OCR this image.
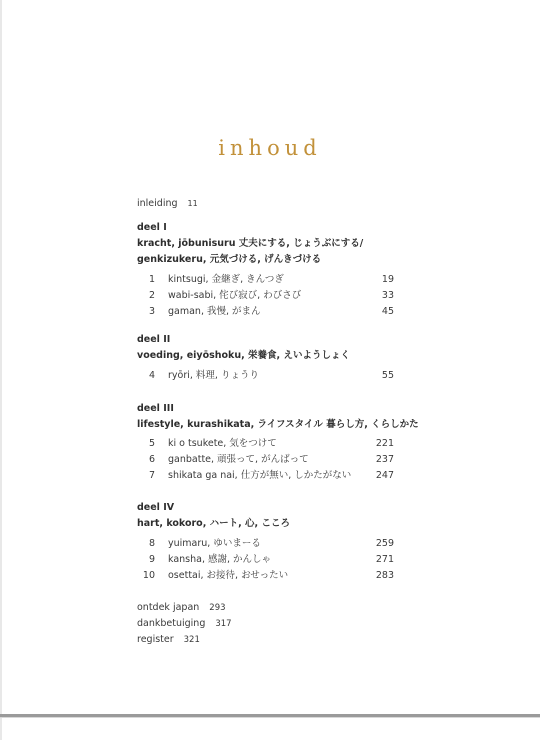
inhoud
inleiding 11
deel I
kracht, jōbunisuru 丈夫にする, じょうぶにする/
genkizukeru, 元気づける, げんきづける
1 kintsugi, 金継ぎ, きんつぎ	19
2 wabi-sabi, 侘び寂び, わびさび	33
3 gaman, 我慢, がまん	45
deel II
voeding, eiyōshoku, 栄養食, えいようしょく
4 ryōri, 料理, りょうり	55
deel III
lifestyle, kurashikata, ライフスタイル 暮らし方, くらしかた
5 ki o tsukete, 気をつけて	221
6 ganbatte, 頑張って, がんばって	237
7 shikata ga nai, 仕方が無い, しかたがない	247
deel IV
hart, kokoro, ハート, 心, こころ
8 yuimaru, ゆいまーる	259
9 kansha, 感謝, かんしゃ	271
10 osettai, お接待, おせったい	283
ontdek japan 293
dankbetuiging 317
register 321
